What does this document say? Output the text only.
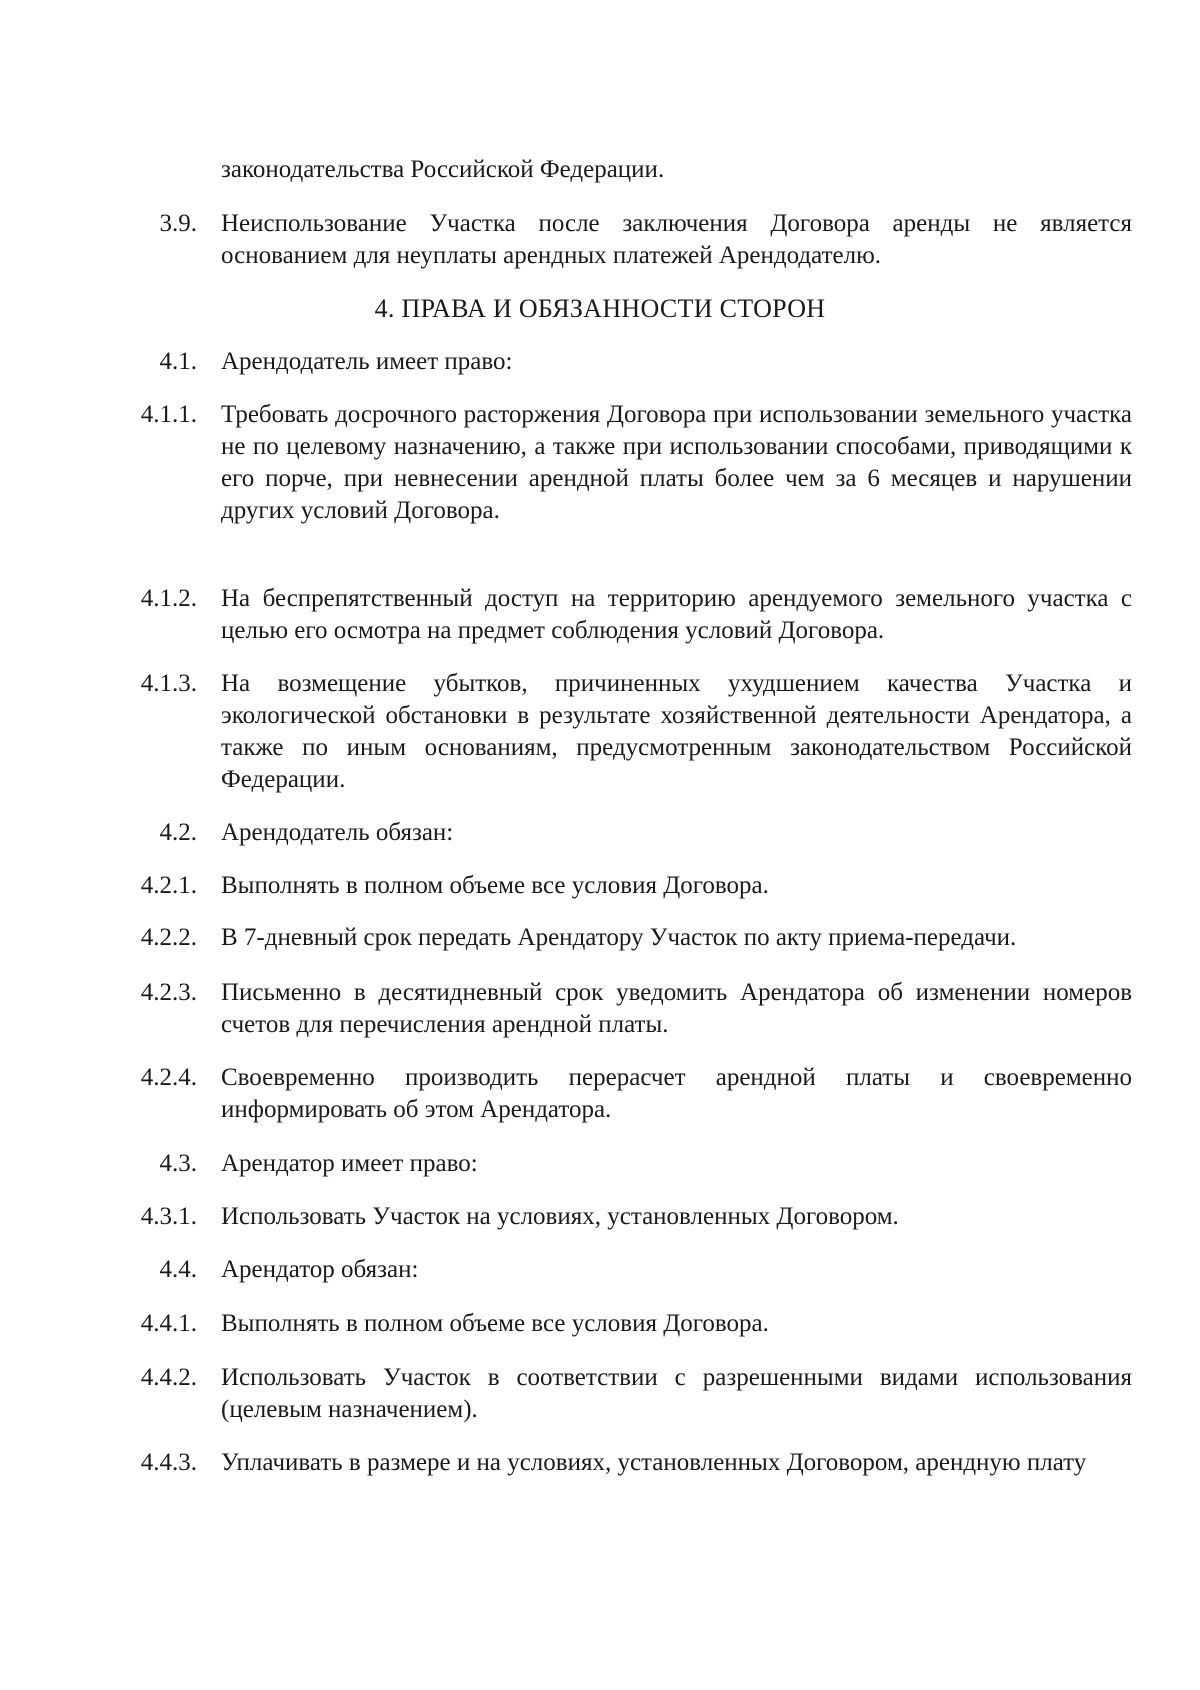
законодательства Российской Федерации.
3.9. Неиспользование Участка после заключения Договора аренды не является основанием для неуплаты арендных платежей Арендодателю.
4. ПРАВА И ОБЯЗАННОСТИ СТОРОН
4.1. Арендодатель имеет право:
4.1.1. Требовать досрочного расторжения Договора при использовании земельного участка не по целевому назначению, а также при использовании способами, приводящими к его порче, при невнесении арендной платы более чем за 6 месяцев и нарушении других условий Договора.
4.1.2. На беспрепятственный доступ на территорию арендуемого земельного участка с целью его осмотра на предмет соблюдения условий Договора.
4.1.3. На возмещение убытков, причиненных ухудшением качества Участка и экологической обстановки в результате хозяйственной деятельности Арендатора, а также по иным основаниям, предусмотренным законодательством Российской Федерации.
4.2. Арендодатель обязан:
4.2.1. Выполнять в полном объеме все условия Договора.
4.2.2. В 7-дневный срок передать Арендатору Участок по акту приема-передачи.
4.2.3. Письменно в десятидневный срок уведомить Арендатора об изменении номеров счетов для перечисления арендной платы.
4.2.4. Своевременно производить перерасчет арендной платы и своевременно информировать об этом Арендатора.
4.3. Арендатор имеет право:
4.3.1. Использовать Участок на условиях, установленных Договором.
4.4. Арендатор обязан:
4.4.1. Выполнять в полном объеме все условия Договора.
4.4.2. Использовать Участок в соответствии с разрешенными видами использования (целевым назначением).
4.4.3. Уплачивать в размере и на условиях, установленных Договором, арендную плату
